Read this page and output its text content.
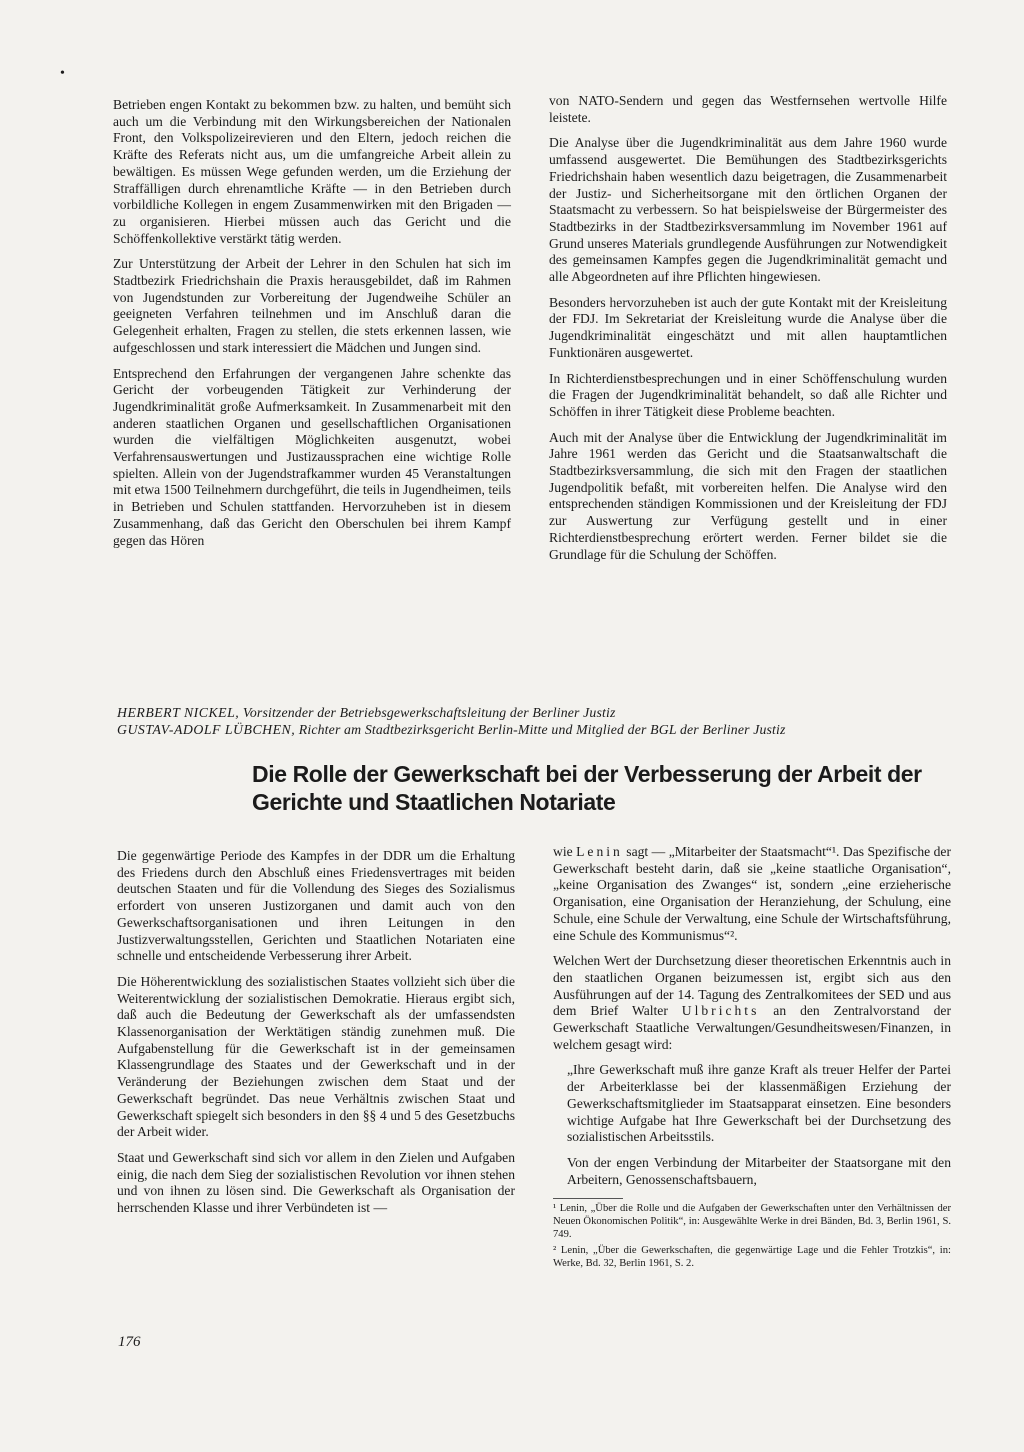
•

Betrieben engen Kontakt zu bekommen bzw. zu halten, und bemüht sich auch um die Verbindung mit den Wirkungsbereichen der Nationalen Front, den Volkspolizeirevieren und den Eltern, jedoch reichen die Kräfte des Referats nicht aus, um die umfangreiche Arbeit allein zu bewältigen. Es müssen Wege gefunden werden, um die Erziehung der Straffälligen durch ehrenamtliche Kräfte — in den Betrieben durch vorbildliche Kollegen in engem Zusammenwirken mit den Brigaden — zu organisieren. Hierbei müssen auch das Gericht und die Schöffenkollektive verstärkt tätig werden.

Zur Unterstützung der Arbeit der Lehrer in den Schulen hat sich im Stadtbezirk Friedrichshain die Praxis herausgebildet, daß im Rahmen von Jugendstunden zur Vorbereitung der Jugendweihe Schüler an geeigneten Verfahren teilnehmen und im Anschluß daran die Gelegenheit erhalten, Fragen zu stellen, die stets erkennen lassen, wie aufgeschlossen und stark interessiert die Mädchen und Jungen sind.

Entsprechend den Erfahrungen der vergangenen Jahre schenkte das Gericht der vorbeugenden Tätigkeit zur Verhinderung der Jugendkriminalität große Aufmerksamkeit. In Zusammenarbeit mit den anderen staatlichen Organen und gesellschaftlichen Organisationen wurden die vielfältigen Möglichkeiten ausgenutzt, wobei Verfahrensauswertungen und Justizaussprachen eine wichtige Rolle spielten. Allein von der Jugendstrafkammer wurden 45 Veranstaltungen mit etwa 1500 Teilnehmern durchgeführt, die teils in Jugendheimen, teils in Betrieben und Schulen stattfanden. Hervorzuheben ist in diesem Zusammenhang, daß das Gericht den Oberschulen bei ihrem Kampf gegen das Hören

von NATO-Sendern und gegen das Westfernsehen wertvolle Hilfe leistete.

Die Analyse über die Jugendkriminalität aus dem Jahre 1960 wurde umfassend ausgewertet. Die Bemühungen des Stadtbezirksgerichts Friedrichshain haben wesentlich dazu beigetragen, die Zusammenarbeit der Justiz- und Sicherheitsorgane mit den örtlichen Organen der Staatsmacht zu verbessern. So hat beispielsweise der Bürgermeister des Stadtbezirks in der Stadtbezirksversammlung im November 1961 auf Grund unseres Materials grundlegende Ausführungen zur Notwendigkeit des gemeinsamen Kampfes gegen die Jugendkriminalität gemacht und alle Abgeordneten auf ihre Pflichten hingewiesen.

Besonders hervorzuheben ist auch der gute Kontakt mit der Kreisleitung der FDJ. Im Sekretariat der Kreisleitung wurde die Analyse über die Jugendkriminalität eingeschätzt und mit allen hauptamtlichen Funktionären ausgewertet.

In Richterdienstbesprechungen und in einer Schöffenschulung wurden die Fragen der Jugendkriminalität behandelt, so daß alle Richter und Schöffen in ihrer Tätigkeit diese Probleme beachten.

Auch mit der Analyse über die Entwicklung der Jugendkriminalität im Jahre 1961 werden das Gericht und die Staatsanwaltschaft die Stadtbezirksversammlung, die sich mit den Fragen der staatlichen Jugendpolitik befaßt, mit vorbereiten helfen. Die Analyse wird den entsprechenden ständigen Kommissionen und der Kreisleitung der FDJ zur Auswertung zur Verfügung gestellt und in einer Richterdienstbesprechung erörtert werden. Ferner bildet sie die Grundlage für die Schulung der Schöffen.

HERBERT NICKEL, Vorsitzender der Betriebsgewerkschaftsleitung der Berliner Justiz
GUSTAV-ADOLF LÜBCHEN, Richter am Stadtbezirksgericht Berlin-Mitte und Mitglied der BGL der Berliner Justiz
Die Rolle der Gewerkschaft bei der Verbesserung der Arbeit der Gerichte und Staatlichen Notariate

Die gegenwärtige Periode des Kampfes in der DDR um die Erhaltung des Friedens durch den Abschluß eines Friedensvertrages mit beiden deutschen Staaten und für die Vollendung des Sieges des Sozialismus erfordert von unseren Justizorganen und damit auch von den Gewerkschaftsorganisationen und ihren Leitungen in den Justizverwaltungsstellen, Gerichten und Staatlichen Notariaten eine schnelle und entscheidende Verbesserung ihrer Arbeit.

Die Höherentwicklung des sozialistischen Staates vollzieht sich über die Weiterentwicklung der sozialistischen Demokratie. Hieraus ergibt sich, daß auch die Bedeutung der Gewerkschaft als der umfassendsten Klassenorganisation der Werktätigen ständig zunehmen muß. Die Aufgabenstellung für die Gewerkschaft ist in der gemeinsamen Klassengrundlage des Staates und der Gewerkschaft und in der Veränderung der Beziehungen zwischen dem Staat und der Gewerkschaft begründet. Das neue Verhältnis zwischen Staat und Gewerkschaft spiegelt sich besonders in den §§ 4 und 5 des Gesetzbuchs der Arbeit wider.

Staat und Gewerkschaft sind sich vor allem in den Zielen und Aufgaben einig, die nach dem Sieg der sozialistischen Revolution vor ihnen stehen und von ihnen zu lösen sind. Die Gewerkschaft als Organisation der herrschenden Klasse und ihrer Verbündeten ist —

wie Lenin sagt — „Mitarbeiter der Staatsmacht“¹. Das Spezifische der Gewerkschaft besteht darin, daß sie „keine staatliche Organisation“, „keine Organisation des Zwanges“ ist, sondern „eine erzieherische Organisation, eine Organisation der Heranziehung, der Schulung, eine Schule, eine Schule der Verwaltung, eine Schule der Wirtschaftsführung, eine Schule des Kommunismus“².

Welchen Wert der Durchsetzung dieser theoretischen Erkenntnis auch in den staatlichen Organen beizumessen ist, ergibt sich aus den Ausführungen auf der 14. Tagung des Zentralkomitees der SED und aus dem Brief Walter Ulbrichts an den Zentralvorstand der Gewerkschaft Staatliche Verwaltungen/Gesundheitswesen/Finanzen, in welchem gesagt wird:

„Ihre Gewerkschaft muß ihre ganze Kraft als treuer Helfer der Partei der Arbeiterklasse bei der klassenmäßigen Erziehung der Gewerkschaftsmitglieder im Staatsapparat einsetzen. Eine besonders wichtige Aufgabe hat Ihre Gewerkschaft bei der Durchsetzung des sozialistischen Arbeitsstils.

Von der engen Verbindung der Mitarbeiter der Staatsorgane mit den Arbeitern, Genossenschaftsbauern,

¹ Lenin, „Über die Rolle und die Aufgaben der Gewerkschaften unter den Verhältnissen der Neuen Ökonomischen Politik“, in: Ausgewählte Werke in drei Bänden, Bd. 3, Berlin 1961, S. 749.

² Lenin, „Über die Gewerkschaften, die gegenwärtige Lage und die Fehler Trotzkis“, in: Werke, Bd. 32, Berlin 1961, S. 2.

176
